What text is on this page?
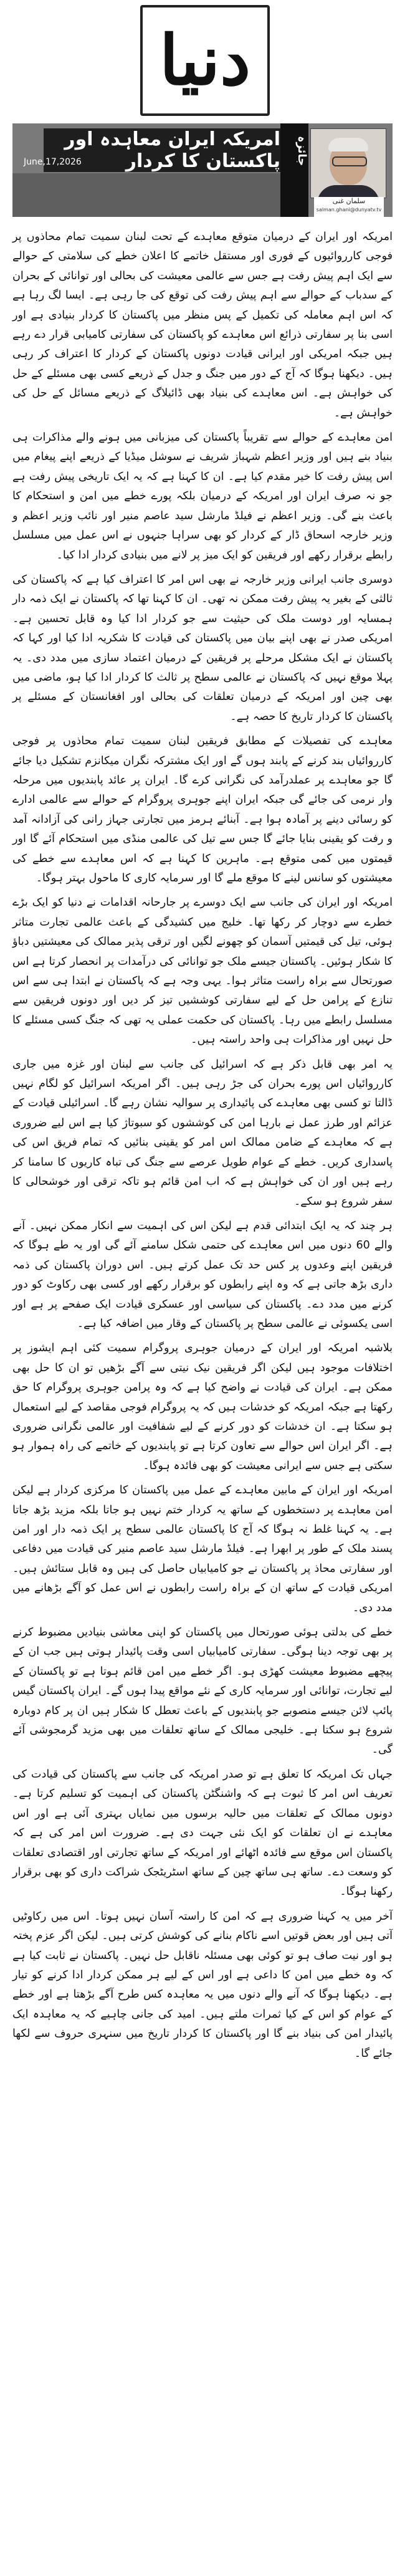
دنیا
امریکہ ایران معاہدہ اور پاکستان کا کردار
June,17,2026	جائزہ
سلمان غنی
salman.ghani@dunyatv.tv

امریکہ اور ایران کے درمیان متوقع معاہدے کے تحت لبنان سمیت تمام محاذوں پر فوجی کارروائیوں کے فوری اور مستقل خاتمے کا اعلان خطے کی سلامتی کے حوالے سے ایک اہم پیش رفت ہے جس سے عالمی معیشت کی بحالی اور توانائی کے بحران کے سدباب کے حوالے سے اہم پیش رفت کی توقع کی جا رہی ہے۔ ایسا لگ رہا ہے کہ اس اہم معاملہ کی تکمیل کے پس منظر میں پاکستان کا کردار بنیادی ہے اور اسی بنا پر سفارتی ذرائع اس معاہدے کو پاکستان کی سفارتی کامیابی قرار دے رہے ہیں جبکہ امریکی اور ایرانی قیادت دونوں پاکستان کے کردار کا اعتراف کر رہی ہیں۔ دیکھنا ہوگا کہ آج کے دور میں جنگ و جدل کے ذریعے کسی بھی مسئلے کے حل کی خواہش ہے۔ اس معاہدے کی بنیاد بھی ڈائیلاگ کے ذریعے مسائل کے حل کی خواہش ہے۔

امن معاہدے کے حوالے سے تقریباً پاکستان کی میزبانی میں ہونے والے مذاکرات ہی بنیاد بنے ہیں اور وزیر اعظم شہباز شریف نے سوشل میڈیا کے ذریعے اپنے پیغام میں اس پیش رفت کا خیر مقدم کیا ہے۔ ان کا کہنا ہے کہ یہ ایک تاریخی پیش رفت ہے جو نہ صرف ایران اور امریکہ کے درمیان بلکہ پورے خطے میں امن و استحکام کا باعث بنے گی۔ وزیر اعظم نے فیلڈ مارشل سید عاصم منیر اور نائب وزیر اعظم و وزیر خارجہ اسحاق ڈار کے کردار کو بھی سراہا جنہوں نے اس عمل میں مسلسل رابطے برقرار رکھے اور فریقین کو ایک میز پر لانے میں بنیادی کردار ادا کیا۔

دوسری جانب ایرانی وزیر خارجہ نے بھی اس امر کا اعتراف کیا ہے کہ پاکستان کی ثالثی کے بغیر یہ پیش رفت ممکن نہ تھی۔ ان کا کہنا تھا کہ پاکستان نے ایک ذمہ دار ہمسایہ اور دوست ملک کی حیثیت سے جو کردار ادا کیا وہ قابل تحسین ہے۔ امریکی صدر نے بھی اپنے بیان میں پاکستان کی قیادت کا شکریہ ادا کیا اور کہا کہ پاکستان نے ایک مشکل مرحلے پر فریقین کے درمیان اعتماد سازی میں مدد دی۔ یہ پہلا موقع نہیں کہ پاکستان نے عالمی سطح پر ثالث کا کردار ادا کیا ہو، ماضی میں بھی چین اور امریکہ کے درمیان تعلقات کی بحالی اور افغانستان کے مسئلے پر پاکستان کا کردار تاریخ کا حصہ ہے۔

معاہدے کی تفصیلات کے مطابق فریقین لبنان سمیت تمام محاذوں پر فوجی کارروائیاں بند کرنے کے پابند ہوں گے اور ایک مشترکہ نگران میکانزم تشکیل دیا جائے گا جو معاہدے پر عملدرآمد کی نگرانی کرے گا۔ ایران پر عائد پابندیوں میں مرحلہ وار نرمی کی جائے گی جبکہ ایران اپنے جوہری پروگرام کے حوالے سے عالمی ادارے کو رسائی دینے پر آمادہ ہوا ہے۔ آبنائے ہرمز میں تجارتی جہاز رانی کی آزادانہ آمد و رفت کو یقینی بنایا جائے گا جس سے تیل کی عالمی منڈی میں استحکام آئے گا اور قیمتوں میں کمی متوقع ہے۔ ماہرین کا کہنا ہے کہ اس معاہدے سے خطے کی معیشتوں کو سانس لینے کا موقع ملے گا اور سرمایہ کاری کا ماحول بہتر ہوگا۔

امریکہ اور ایران کی جانب سے ایک دوسرے پر جارحانہ اقدامات نے دنیا کو ایک بڑے خطرے سے دوچار کر رکھا تھا۔ خلیج میں کشیدگی کے باعث عالمی تجارت متاثر ہوئی، تیل کی قیمتیں آسمان کو چھونے لگیں اور ترقی پذیر ممالک کی معیشتیں دباؤ کا شکار ہوئیں۔ پاکستان جیسے ملک جو توانائی کی درآمدات پر انحصار کرتا ہے اس صورتحال سے براہ راست متاثر ہوا۔ یہی وجہ ہے کہ پاکستان نے ابتدا ہی سے اس تنازع کے پرامن حل کے لیے سفارتی کوششیں تیز کر دیں اور دونوں فریقین سے مسلسل رابطے میں رہا۔ پاکستان کی حکمت عملی یہ تھی کہ جنگ کسی مسئلے کا حل نہیں اور مذاکرات ہی واحد راستہ ہیں۔

یہ امر بھی قابل ذکر ہے کہ اسرائیل کی جانب سے لبنان اور غزہ میں جاری کارروائیاں اس پورے بحران کی جڑ رہی ہیں۔ اگر امریکہ اسرائیل کو لگام نہیں ڈالتا تو کسی بھی معاہدے کی پائیداری پر سوالیہ نشان رہے گا۔ اسرائیلی قیادت کے عزائم اور طرز عمل نے بارہا امن کی کوششوں کو سبوتاژ کیا ہے اس لیے ضروری ہے کہ معاہدے کے ضامن ممالک اس امر کو یقینی بنائیں کہ تمام فریق اس کی پاسداری کریں۔ خطے کے عوام طویل عرصے سے جنگ کی تباہ کاریوں کا سامنا کر رہے ہیں اور ان کی خواہش ہے کہ اب امن قائم ہو تاکہ ترقی اور خوشحالی کا سفر شروع ہو سکے۔

ہر چند کہ یہ ایک ابتدائی قدم ہے لیکن اس کی اہمیت سے انکار ممکن نہیں۔ آنے والے 60 دنوں میں اس معاہدے کی حتمی شکل سامنے آئے گی اور یہ طے ہوگا کہ فریقین اپنے وعدوں پر کس حد تک عمل کرتے ہیں۔ اس دوران پاکستان کی ذمہ داری بڑھ جاتی ہے کہ وہ اپنے رابطوں کو برقرار رکھے اور کسی بھی رکاوٹ کو دور کرنے میں مدد دے۔ پاکستان کی سیاسی اور عسکری قیادت ایک صفحے پر ہے اور اسی یکسوئی نے عالمی سطح پر پاکستان کے وقار میں اضافہ کیا ہے۔

بلاشبہ امریکہ اور ایران کے درمیان جوہری پروگرام سمیت کئی اہم ایشوز پر اختلافات موجود ہیں لیکن اگر فریقین نیک نیتی سے آگے بڑھیں تو ان کا حل بھی ممکن ہے۔ ایران کی قیادت نے واضح کیا ہے کہ وہ پرامن جوہری پروگرام کا حق رکھتا ہے جبکہ امریکہ کو خدشات ہیں کہ یہ پروگرام فوجی مقاصد کے لیے استعمال ہو سکتا ہے۔ ان خدشات کو دور کرنے کے لیے شفافیت اور عالمی نگرانی ضروری ہے۔ اگر ایران اس حوالے سے تعاون کرتا ہے تو پابندیوں کے خاتمے کی راہ ہموار ہو سکتی ہے جس سے ایرانی معیشت کو بھی فائدہ ہوگا۔

امریکہ اور ایران کے مابین معاہدے کے عمل میں پاکستان کا مرکزی کردار ہے لیکن امن معاہدے پر دستخطوں کے ساتھ یہ کردار ختم نہیں ہو جاتا بلکہ مزید بڑھ جاتا ہے۔ یہ کہنا غلط نہ ہوگا کہ آج کا پاکستان عالمی سطح پر ایک ذمہ دار اور امن پسند ملک کے طور پر ابھرا ہے۔ فیلڈ مارشل سید عاصم منیر کی قیادت میں دفاعی اور سفارتی محاذ پر پاکستان نے جو کامیابیاں حاصل کی ہیں وہ قابل ستائش ہیں۔ امریکی قیادت کے ساتھ ان کے براہ راست رابطوں نے اس عمل کو آگے بڑھانے میں مدد دی۔

خطے کی بدلتی ہوئی صورتحال میں پاکستان کو اپنی معاشی بنیادیں مضبوط کرنے پر بھی توجہ دینا ہوگی۔ سفارتی کامیابیاں اسی وقت پائیدار ہوتی ہیں جب ان کے پیچھے مضبوط معیشت کھڑی ہو۔ اگر خطے میں امن قائم ہوتا ہے تو پاکستان کے لیے تجارت، توانائی اور سرمایہ کاری کے نئے مواقع پیدا ہوں گے۔ ایران پاکستان گیس پائپ لائن جیسے منصوبے جو پابندیوں کے باعث تعطل کا شکار ہیں ان پر کام دوبارہ شروع ہو سکتا ہے۔ خلیجی ممالک کے ساتھ تعلقات میں بھی مزید گرمجوشی آئے گی۔

جہاں تک امریکہ کا تعلق ہے تو صدر امریکہ کی جانب سے پاکستان کی قیادت کی تعریف اس امر کا ثبوت ہے کہ واشنگٹن پاکستان کی اہمیت کو تسلیم کرتا ہے۔ دونوں ممالک کے تعلقات میں حالیہ برسوں میں نمایاں بہتری آئی ہے اور اس معاہدے نے ان تعلقات کو ایک نئی جہت دی ہے۔ ضرورت اس امر کی ہے کہ پاکستان اس موقع سے فائدہ اٹھائے اور امریکہ کے ساتھ تجارتی اور اقتصادی تعلقات کو وسعت دے۔ ساتھ ہی ساتھ چین کے ساتھ اسٹریٹجک شراکت داری کو بھی برقرار رکھنا ہوگا۔

آخر میں یہ کہنا ضروری ہے کہ امن کا راستہ آسان نہیں ہوتا۔ اس میں رکاوٹیں آتی ہیں اور بعض قوتیں اسے ناکام بنانے کی کوشش کرتی ہیں۔ لیکن اگر عزم پختہ ہو اور نیت صاف ہو تو کوئی بھی مسئلہ ناقابل حل نہیں۔ پاکستان نے ثابت کیا ہے کہ وہ خطے میں امن کا داعی ہے اور اس کے لیے ہر ممکن کردار ادا کرنے کو تیار ہے۔ دیکھنا ہوگا کہ آنے والے دنوں میں یہ معاہدہ کس طرح آگے بڑھتا ہے اور خطے کے عوام کو اس کے کیا ثمرات ملتے ہیں۔ امید کی جانی چاہیے کہ یہ معاہدہ ایک پائیدار امن کی بنیاد بنے گا اور پاکستان کا کردار تاریخ میں سنہری حروف سے لکھا جائے گا۔
